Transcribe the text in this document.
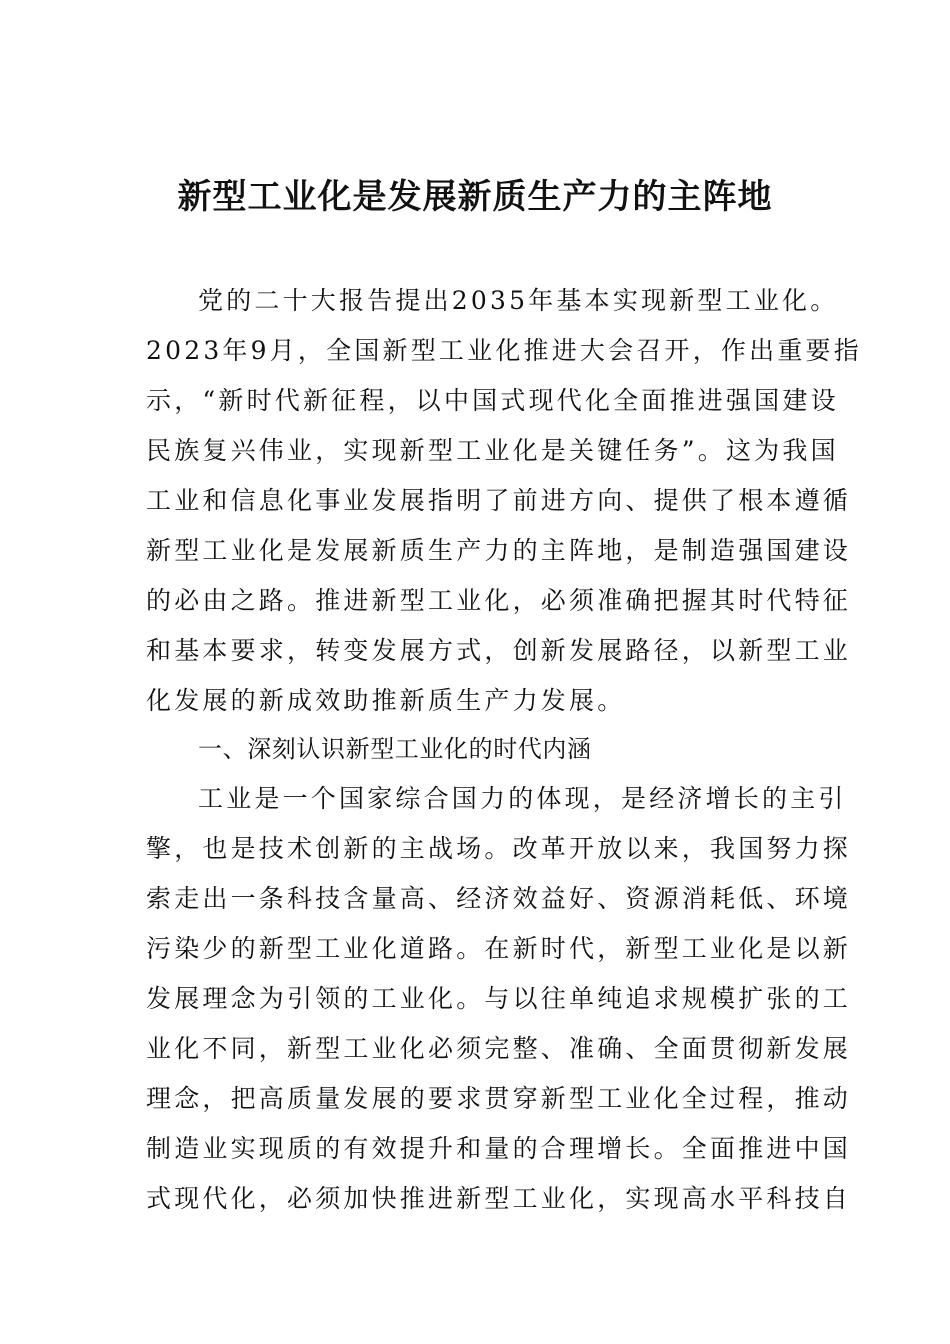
新型工业化是发展新质生产力的主阵地
党的二十大报告提出2035年基本实现新型工业化。
2023年9月，全国新型工业化推进大会召开，作出重要指
示，“新时代新征程，以中国式现代化全面推进强国建设
民族复兴伟业，实现新型工业化是关键任务”。这为我国
工业和信息化事业发展指明了前进方向、提供了根本遵循
新型工业化是发展新质生产力的主阵地，是制造强国建设
的必由之路。推进新型工业化，必须准确把握其时代特征
和基本要求，转变发展方式，创新发展路径，以新型工业
化发展的新成效助推新质生产力发展。
一、深刻认识新型工业化的时代内涵
工业是一个国家综合国力的体现，是经济增长的主引
擎，也是技术创新的主战场。改革开放以来，我国努力探
索走出一条科技含量高、经济效益好、资源消耗低、环境
污染少的新型工业化道路。在新时代，新型工业化是以新
发展理念为引领的工业化。与以往单纯追求规模扩张的工
业化不同，新型工业化必须完整、准确、全面贯彻新发展
理念，把高质量发展的要求贯穿新型工业化全过程，推动
制造业实现质的有效提升和量的合理增长。全面推进中国
式现代化，必须加快推进新型工业化，实现高水平科技自
